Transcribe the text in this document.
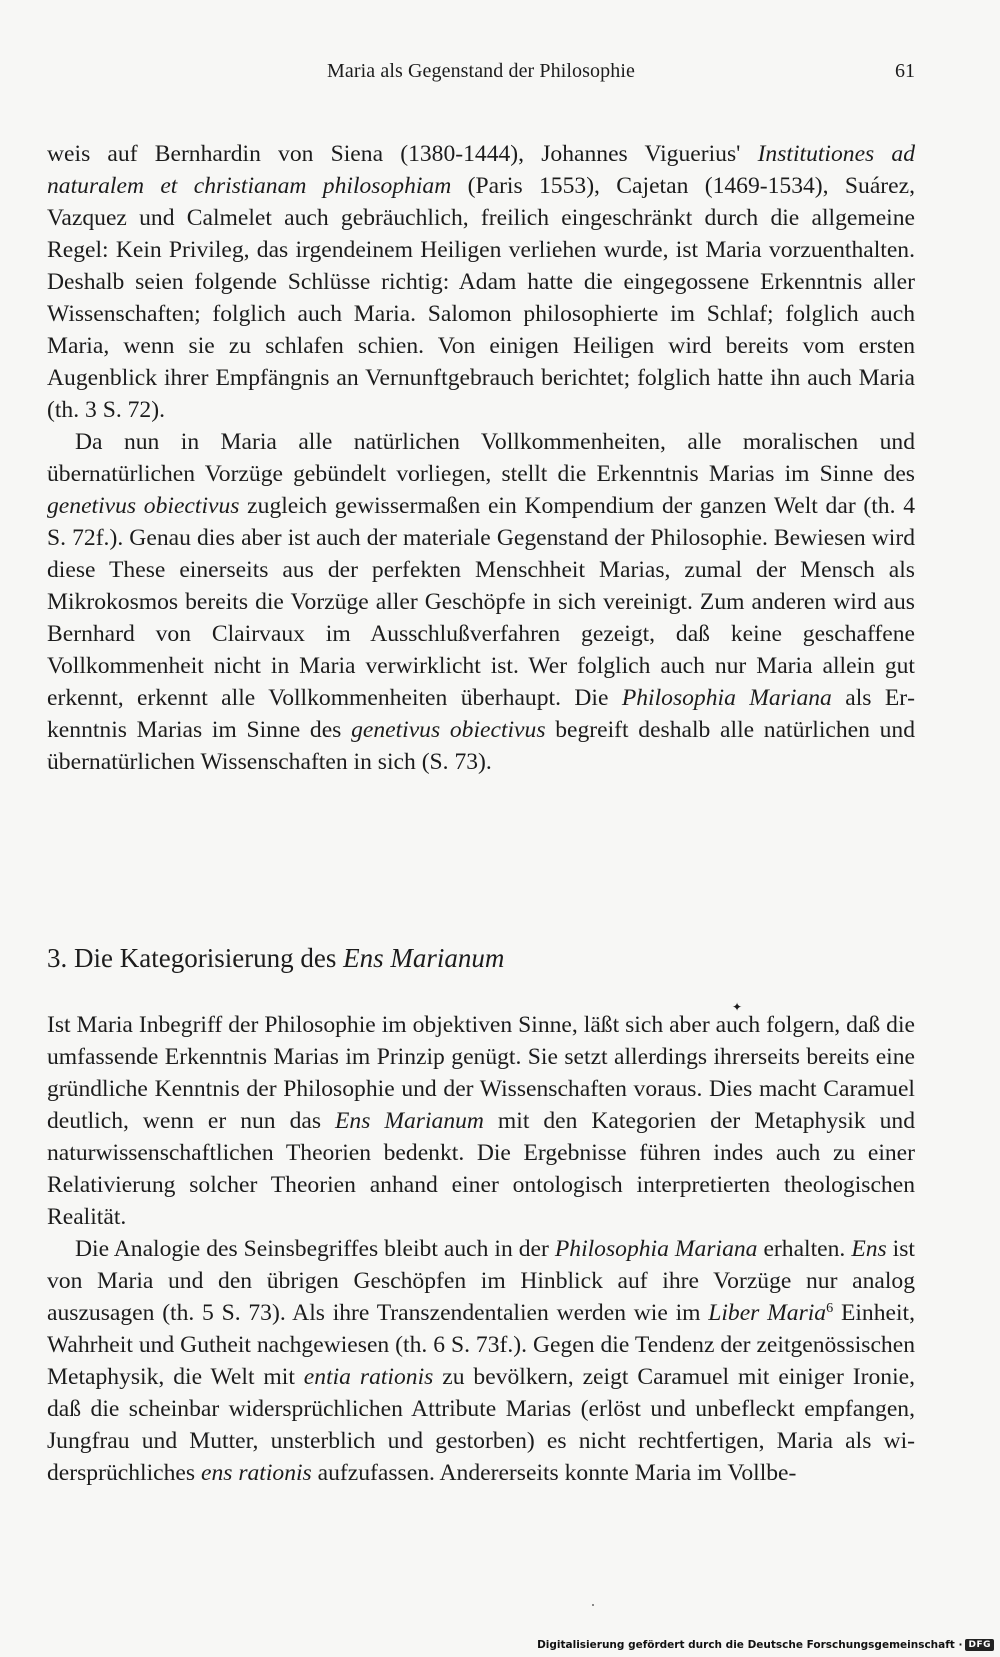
Maria als Gegenstand der Philosophie	61

weis auf Bernhardin von Siena (1380-1444), Johannes Viguerius' Institutiones ad naturalem et christianam philosophiam (Paris 1553), Cajetan (1469-1534), Suárez, Vazquez und Calmelet auch gebräuchlich, freilich eingeschränkt durch die allgemeine Regel: Kein Privileg, das irgendeinem Heiligen verliehen wurde, ist Maria vorzuenthalten. Deshalb seien folgende Schlüsse richtig: Adam hatte die eingegossene Erkenntnis aller Wissenschaften; folglich auch Maria. Salomon philosophierte im Schlaf; folglich auch Maria, wenn sie zu schlafen schien. Von einigen Heiligen wird bereits vom ersten Augenblick ihrer Empfängnis an Vernunftgebrauch berichtet; folglich hatte ihn auch Maria (th. 3 S. 72).

Da nun in Maria alle natürlichen Vollkommenheiten, alle moralischen und übernatürlichen Vorzüge gebündelt vorliegen, stellt die Erkenntnis Marias im Sinne des genetivus obiectivus zugleich gewissermaßen ein Kompendium der ganzen Welt dar (th. 4 S. 72f.). Genau dies aber ist auch der materiale Gegenstand der Philosophie. Bewiesen wird diese These einerseits aus der perfekten Menschheit Marias, zumal der Mensch als Mikrokosmos bereits die Vorzüge aller Geschöpfe in sich vereinigt. Zum anderen wird aus Bernhard von Clairvaux im Ausschlußverfahren gezeigt, daß keine geschaffene Vollkommenheit nicht in Maria verwirklicht ist. Wer folglich auch nur Maria allein gut erkennt, erkennt alle Vollkommenheiten überhaupt. Die Philosophia Mariana als Erkenntnis Marias im Sinne des genetivus obiectivus begreift deshalb alle natürlichen und übernatürlichen Wissenschaften in sich (S. 73).

3. Die Kategorisierung des Ens Marianum
✦

Ist Maria Inbegriff der Philosophie im objektiven Sinne, läßt sich aber auch folgern, daß die umfassende Erkenntnis Marias im Prinzip genügt. Sie setzt allerdings ihrerseits bereits eine gründliche Kenntnis der Philosophie und der Wissenschaften voraus. Dies macht Caramuel deutlich, wenn er nun das Ens Marianum mit den Kategorien der Metaphysik und naturwissenschaftlichen Theorien bedenkt. Die Ergebnisse führen indes auch zu einer Relativierung solcher Theorien anhand einer ontologisch interpretierten theologischen Realität.

Die Analogie des Seinsbegriffes bleibt auch in der Philosophia Mariana erhalten. Ens ist von Maria und den übrigen Geschöpfen im Hinblick auf ihre Vorzüge nur analog auszusagen (th. 5 S. 73). Als ihre Transzendentalien werden wie im Liber Maria$^6$ Einheit, Wahrheit und Gutheit nachgewiesen (th. 6 S. 73f.). Gegen die Tendenz der zeitgenössischen Metaphysik, die Welt mit entia rationis zu bevölkern, zeigt Caramuel mit einiger Ironie, daß die scheinbar widersprüchlichen Attribute Marias (erlöst und unbefleckt empfangen, Jungfrau und Mutter, unsterblich und gestorben) es nicht rechtfertigen, Maria als widersprüchliches ens rationis aufzufassen. Andererseits konnte Maria im Vollbe-

Digitalisierung gefördert durch die Deutsche Forschungsgemeinschaft · DFG
